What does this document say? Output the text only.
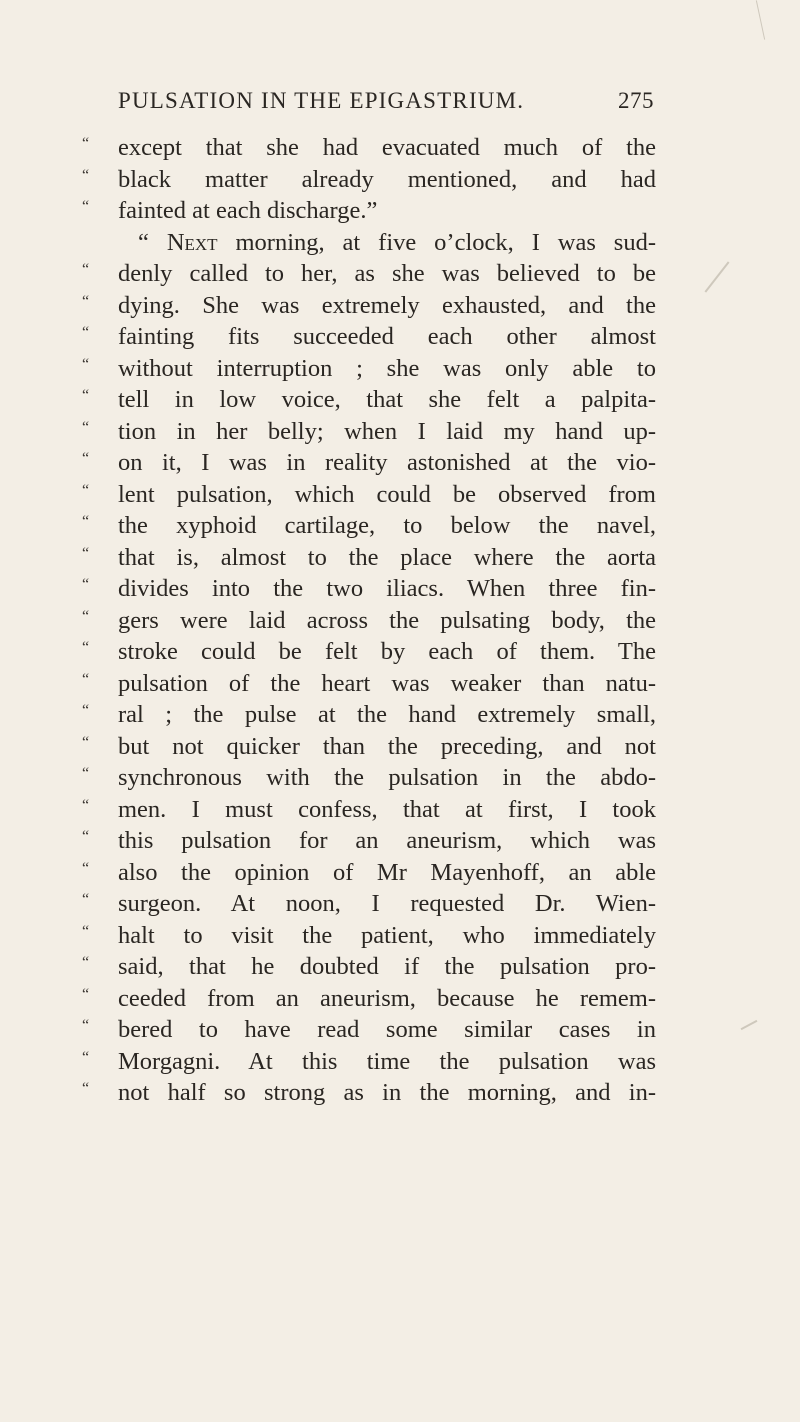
PULSATION IN THE EPIGASTRIUM.	275
“ except that she had evacuated much of the
“ black matter already mentioned, and had
“ fainted at each discharge.”
“ Next morning, at five o’clock, I was sud-
“ denly called to her, as she was believed to be
“ dying. She was extremely exhausted, and the
“ fainting fits succeeded each other almost
“ without interruption ; she was only able to
“ tell in low voice, that she felt a palpita-
“ tion in her belly; when I laid my hand up-
“ on it, I was in reality astonished at the vio-
“ lent pulsation, which could be observed from
“ the xyphoid cartilage, to below the navel,
“ that is, almost to the place where the aorta
“ divides into the two iliacs. When three fin-
“ gers were laid across the pulsating body, the
“ stroke could be felt by each of them. The
“ pulsation of the heart was weaker than natu-
“ ral ; the pulse at the hand extremely small,
“ but not quicker than the preceding, and not
“ synchronous with the pulsation in the abdo-
“ men. I must confess, that at first, I took
“ this pulsation for an aneurism, which was
“ also the opinion of Mr Mayenhoff, an able
“ surgeon. At noon, I requested Dr. Wien-
“ halt to visit the patient, who immediately
“ said, that he doubted if the pulsation pro-
“ ceeded from an aneurism, because he remem-
“ bered to have read some similar cases in
“ Morgagni. At this time the pulsation was
“ not half so strong as in the morning, and in-
